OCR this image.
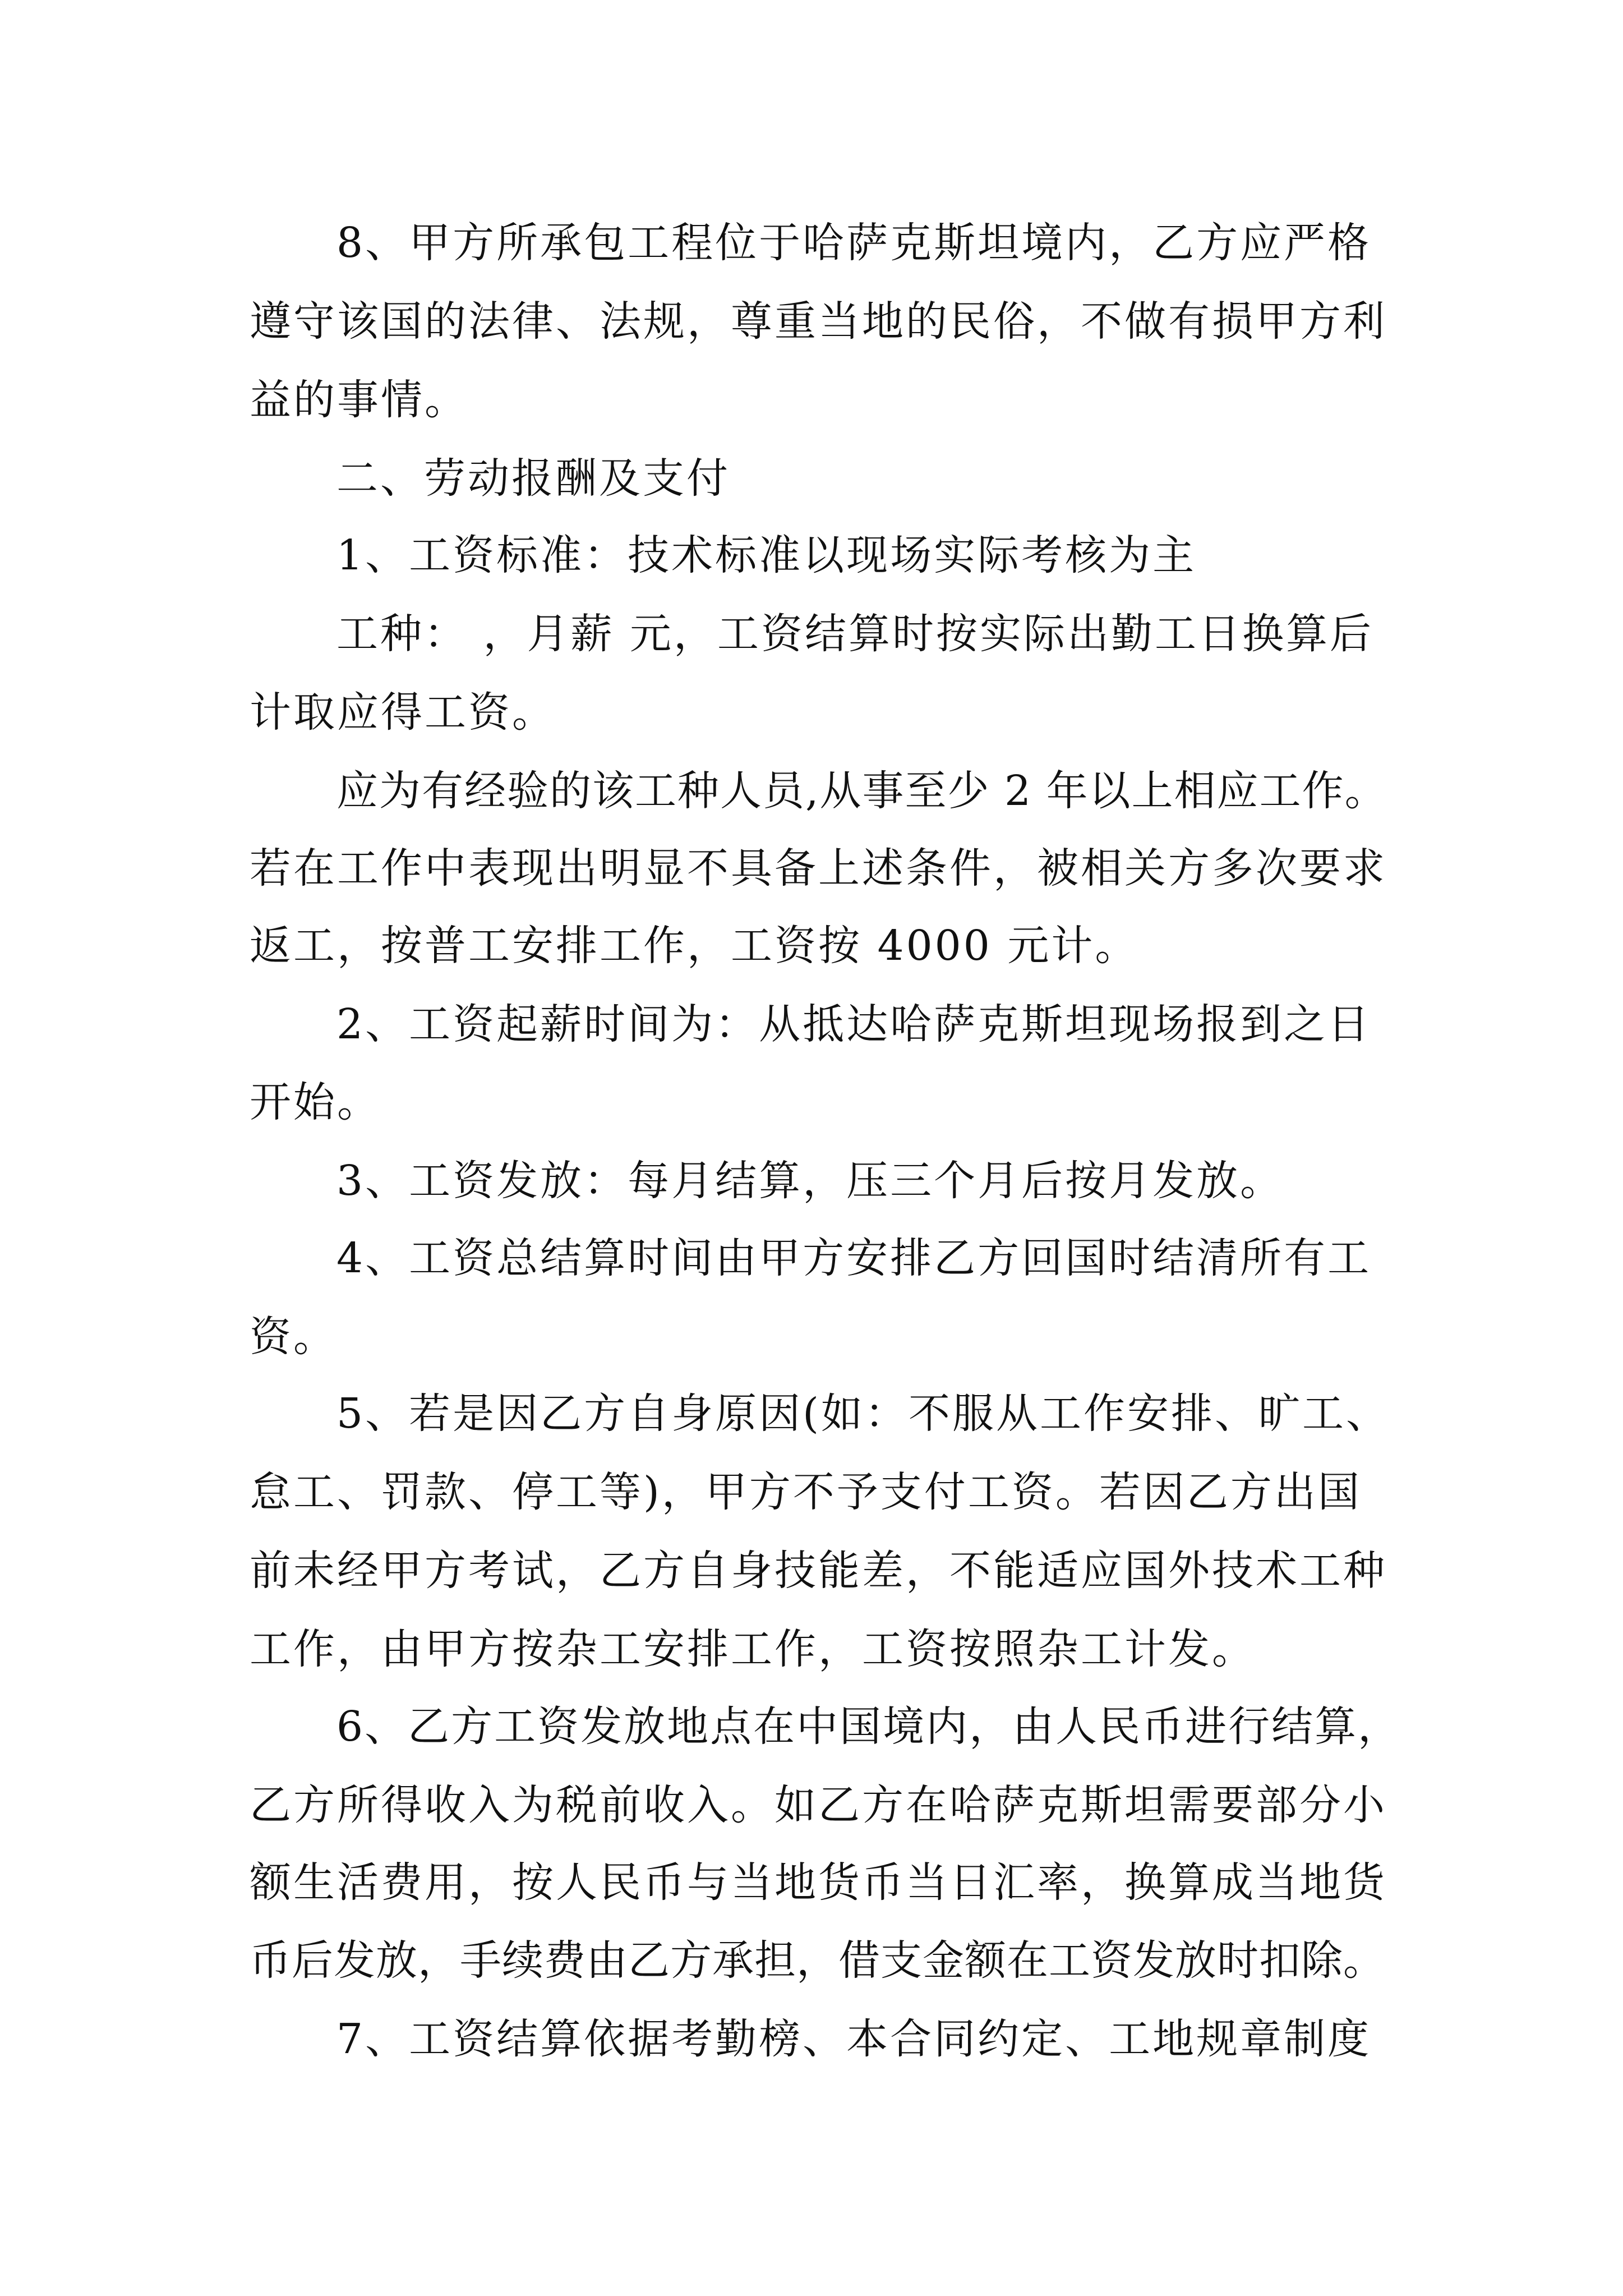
8、甲方所承包工程位于哈萨克斯坦境内，乙方应严格
遵守该国的法律、法规，尊重当地的民俗，不做有损甲方利
益的事情。
二、劳动报酬及支付
1、工资标准：技术标准以现场实际考核为主
工种： ，月薪 元，工资结算时按实际出勤工日换算后
计取应得工资。
应为有经验的该工种人员,从事至少 2 年以上相应工作。
若在工作中表现出明显不具备上述条件，被相关方多次要求
返工，按普工安排工作，工资按 4000 元计。
2、工资起薪时间为：从抵达哈萨克斯坦现场报到之日
开始。
3、工资发放：每月结算，压三个月后按月发放。
4、工资总结算时间由甲方安排乙方回国时结清所有工
资。
5、若是因乙方自身原因(如：不服从工作安排、旷工、
怠工、罚款、停工等)，甲方不予支付工资。若因乙方出国
前未经甲方考试，乙方自身技能差，不能适应国外技术工种
工作，由甲方按杂工安排工作，工资按照杂工计发。
6、乙方工资发放地点在中国境内，由人民币进行结算，
乙方所得收入为税前收入。如乙方在哈萨克斯坦需要部分小
额生活费用，按人民币与当地货币当日汇率，换算成当地货
币后发放，手续费由乙方承担，借支金额在工资发放时扣除。
7、工资结算依据考勤榜、本合同约定、工地规章制度
